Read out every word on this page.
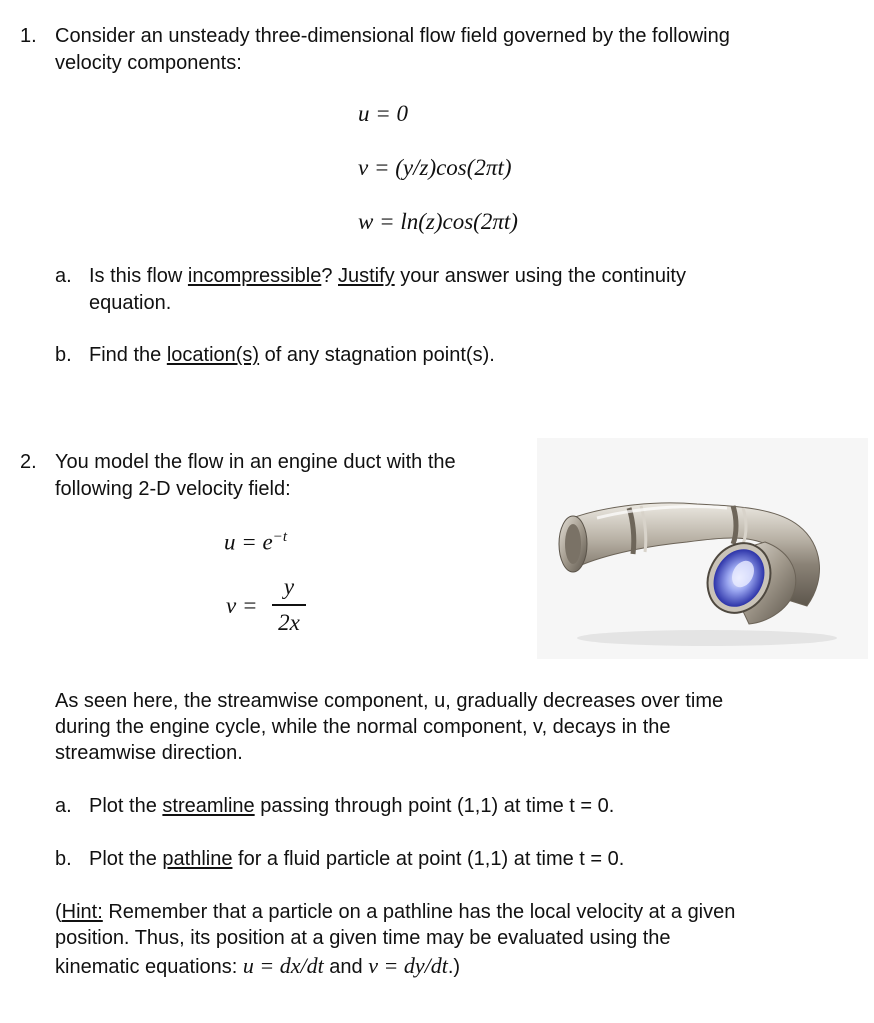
1. Consider an unsteady three-dimensional flow field governed by the following
velocity components:
u = 0
v = (y/z)cos(2πt)
w = ln(z)cos(2πt)
a. Is this flow incompressible? Justify your answer using the continuity
equation.
b. Find the location(s) of any stagnation point(s).
2. You model the flow in an engine duct with the
following 2-D velocity field:
$u = e^{-t}$
v =
y
2x
As seen here, the streamwise component, u, gradually decreases over time
during the engine cycle, while the normal component, v, decays in the
streamwise direction.
a. Plot the streamline passing through point (1,1) at time t = 0.
b. Plot the pathline for a fluid particle at point (1,1) at time t = 0.
(Hint: Remember that a particle on a pathline has the local velocity at a given
position. Thus, its position at a given time may be evaluated using the
kinematic equations: u = dx/dt and v = dy/dt.)
